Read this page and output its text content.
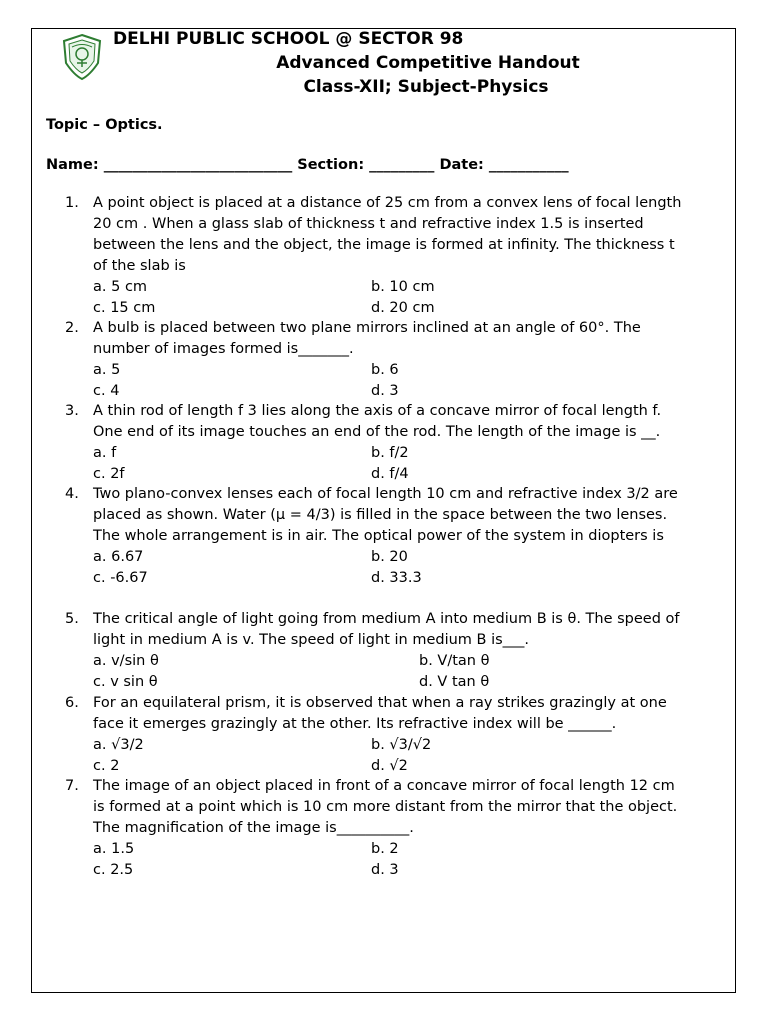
DELHI PUBLIC SCHOOL @ SECTOR 98
Advanced Competitive Handout
Class-XII; Subject-Physics
Topic – Optics.
Name: __________________________ Section: _________ Date: ___________
1. A point object is placed at a distance of 25 cm from a convex lens of focal length 20 cm . When a glass slab of thickness t and refractive index 1.5 is inserted between the lens and the object, the image is formed at infinity. The thickness t of the slab is
a. 5 cm	b. 10 cm
c. 15 cm	d. 20 cm
2. A bulb is placed between two plane mirrors inclined at an angle of 60°. The number of images formed is_______.
a. 5	b. 6
c. 4	d. 3
3. A thin rod of length f 3 lies along the axis of a concave mirror of focal length f. One end of its image touches an end of the rod. The length of the image is __.
a. f	b. f/2
c. 2f	d. f/4
4. Two plano-convex lenses each of focal length 10 cm and refractive index 3/2 are placed as shown. Water (μ = 4/3) is filled in the space between the two lenses. The whole arrangement is in air. The optical power of the system in diopters is
a. 6.67	b. 20
c. -6.67	d. 33.3
5. The critical angle of light going from medium A into medium B is θ. The speed of light in medium A is v. The speed of light in medium B is___.
a. v/sin θ	b. V/tan θ
c. v sin θ	d. V tan θ
6. For an equilateral prism, it is observed that when a ray strikes grazingly at one face it emerges grazingly at the other. Its refractive index will be ______.
a. √3/2	b. √3/√2
c. 2	d. √2
7. The image of an object placed in front of a concave mirror of focal length 12 cm is formed at a point which is 10 cm more distant from the mirror that the object. The magnification of the image is__________.
a. 1.5	b. 2
c. 2.5	d. 3
